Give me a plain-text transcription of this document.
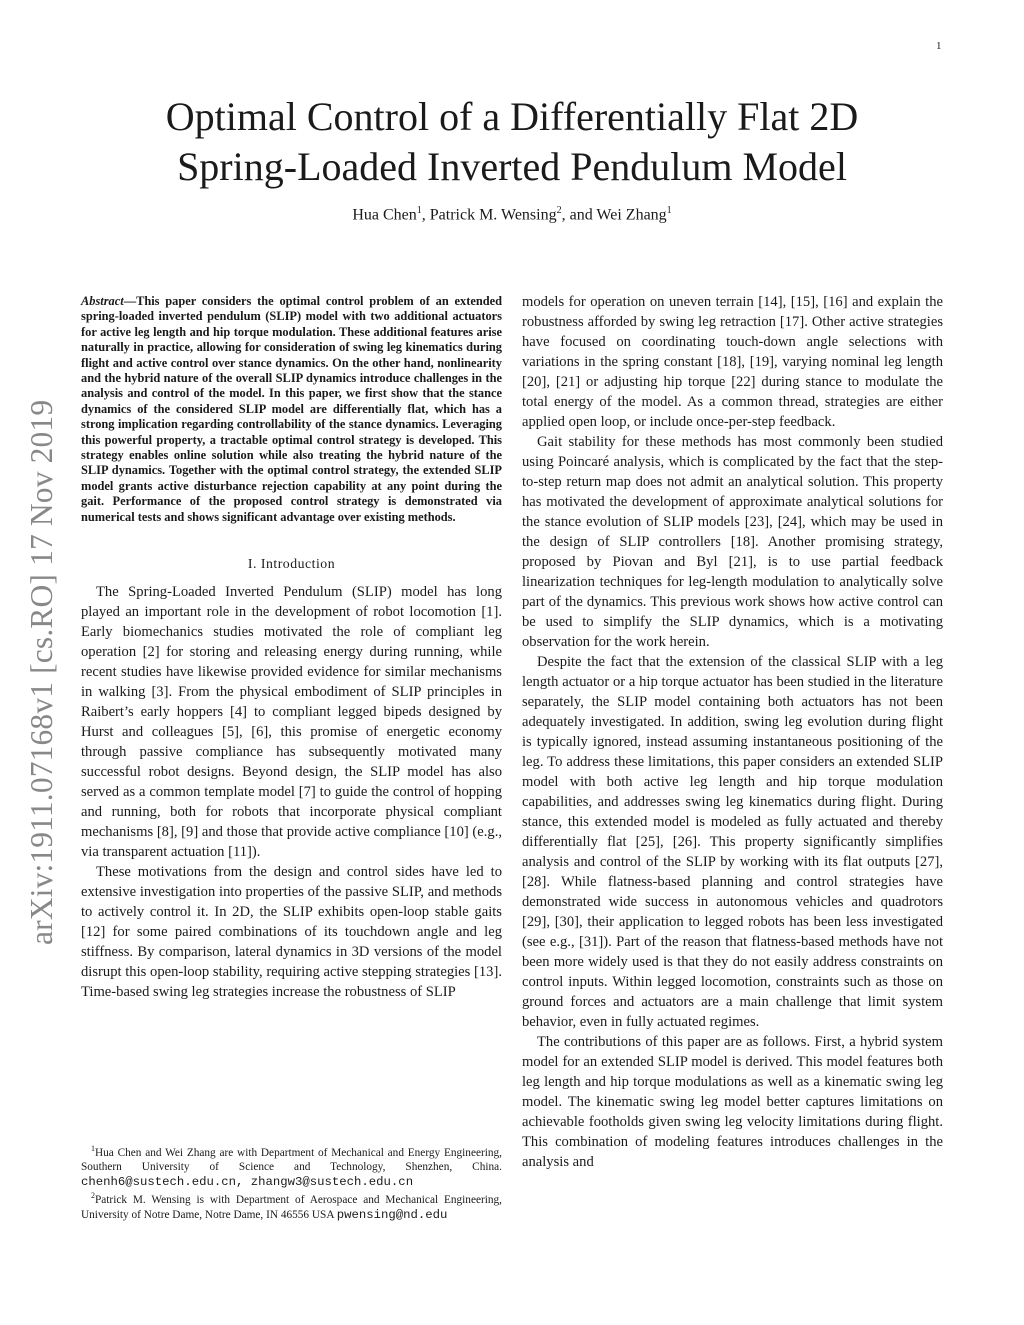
1
arXiv:1911.07168v1 [cs.RO] 17 Nov 2019
Optimal Control of a Differentially Flat 2D
Spring-Loaded Inverted Pendulum Model
Hua Chen$^1$, Patrick M. Wensing$^2$, and Wei Zhang$^1$

Abstract—This paper considers the optimal control problem of an extended spring-loaded inverted pendulum (SLIP) model with two additional actuators for active leg length and hip torque modulation. These additional features arise naturally in practice, allowing for consideration of swing leg kinematics during flight and active control over stance dynamics. On the other hand, nonlinearity and the hybrid nature of the overall SLIP dynamics introduce challenges in the analysis and control of the model. In this paper, we first show that the stance dynamics of the considered SLIP model are differentially flat, which has a strong implication regarding controllability of the stance dynamics. Leveraging this powerful property, a tractable optimal control strategy is developed. This strategy enables online solution while also treating the hybrid nature of the SLIP dynamics. Together with the optimal control strategy, the extended SLIP model grants active disturbance rejection capability at any point during the gait. Performance of the proposed control strategy is demonstrated via numerical tests and shows significant advantage over existing methods.

I. Introduction

The Spring-Loaded Inverted Pendulum (SLIP) model has long played an important role in the development of robot locomotion [1]. Early biomechanics studies motivated the role of compliant leg operation [2] for storing and releasing energy during running, while recent studies have likewise provided evidence for similar mechanisms in walking [3]. From the physical embodiment of SLIP principles in Raibert’s early hoppers [4] to compliant legged bipeds designed by Hurst and colleagues [5], [6], this promise of energetic economy through passive compliance has subsequently motivated many successful robot designs. Beyond design, the SLIP model has also served as a common template model [7] to guide the control of hopping and running, both for robots that incorporate physical compliant mechanisms [8], [9] and those that provide active compliance [10] (e.g., via transparent actuation [11]).

These motivations from the design and control sides have led to extensive investigation into properties of the passive SLIP, and methods to actively control it. In 2D, the SLIP exhibits open-loop stable gaits [12] for some paired combinations of its touchdown angle and leg stiffness. By comparison, lateral dynamics in 3D versions of the model disrupt this open-loop stability, requiring active stepping strategies [13]. Time-based swing leg strategies increase the robustness of SLIP

$^1$Hua Chen and Wei Zhang are with Department of Mechanical and Energy Engineering, Southern University of Science and Technology, Shenzhen, China. chenh6@sustech.edu.cn, zhangw3@sustech.edu.cn

$^2$Patrick M. Wensing is with Department of Aerospace and Mechanical Engineering, University of Notre Dame, Notre Dame, IN 46556 USA pwensing@nd.edu

models for operation on uneven terrain [14], [15], [16] and explain the robustness afforded by swing leg retraction [17]. Other active strategies have focused on coordinating touch-down angle selections with variations in the spring constant [18], [19], varying nominal leg length [20], [21] or adjusting hip torque [22] during stance to modulate the total energy of the model. As a common thread, strategies are either applied open loop, or include once-per-step feedback.

Gait stability for these methods has most commonly been studied using Poincaré analysis, which is complicated by the fact that the step-to-step return map does not admit an analytical solution. This property has motivated the development of approximate analytical solutions for the stance evolution of SLIP models [23], [24], which may be used in the design of SLIP controllers [18]. Another promising strategy, proposed by Piovan and Byl [21], is to use partial feedback linearization techniques for leg-length modulation to analytically solve part of the dynamics. This previous work shows how active control can be used to simplify the SLIP dynamics, which is a motivating observation for the work herein.

Despite the fact that the extension of the classical SLIP with a leg length actuator or a hip torque actuator has been studied in the literature separately, the SLIP model containing both actuators has not been adequately investigated. In addition, swing leg evolution during flight is typically ignored, instead assuming instantaneous positioning of the leg. To address these limitations, this paper considers an extended SLIP model with both active leg length and hip torque modulation capabilities, and addresses swing leg kinematics during flight. During stance, this extended model is modeled as fully actuated and thereby differentially flat [25], [26]. This property significantly simplifies analysis and control of the SLIP by working with its flat outputs [27], [28]. While flatness-based planning and control strategies have demonstrated wide success in autonomous vehicles and quadrotors [29], [30], their application to legged robots has been less investigated (see e.g., [31]). Part of the reason that flatness-based methods have not been more widely used is that they do not easily address constraints on control inputs. Within legged locomotion, constraints such as those on ground forces and actuators are a main challenge that limit system behavior, even in fully actuated regimes.

The contributions of this paper are as follows. First, a hybrid system model for an extended SLIP model is derived. This model features both leg length and hip torque modulations as well as a kinematic swing leg model. The kinematic swing leg model better captures limitations on achievable footholds given swing leg velocity limitations during flight. This combination of modeling features introduces challenges in the analysis and
